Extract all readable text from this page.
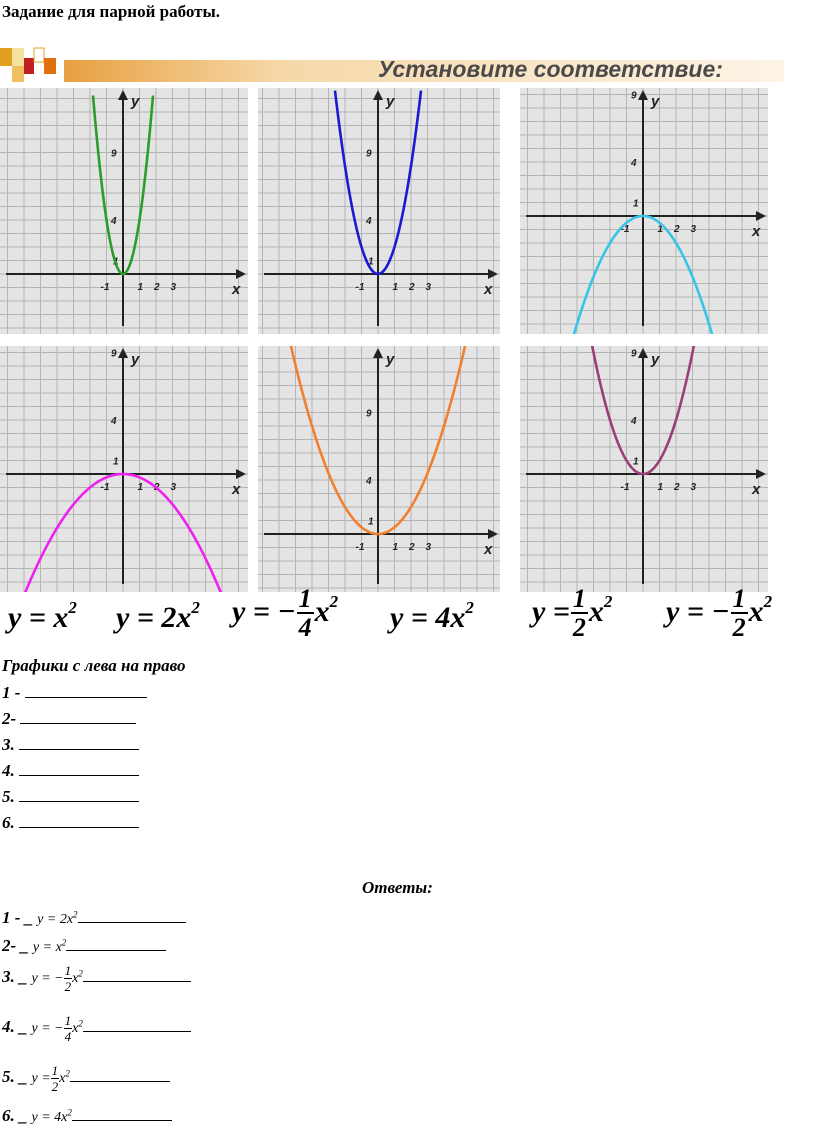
Задание для парной работы.
Установите соответствие:
x
y
-1
1
1 2 3
4
9
x
y
-1
1
1 2 3
4
9
x
y
-1
1
1 2 3
4
9
x
y
-1
1
1 2 3
4
9
x
y
-1
1
1 2 3
4
9
x
y
-1
1
1 2 3
4
9
$y = x^2$ $y = 2x^2$ y = − $\frac{1}{4} x^2$ $y = 4x^2$ $y = \frac{1}{2} x^2$ y = − $\frac{1}{2} x^2$
Графики с лева на право
1 -
2-
3.
4.
5.
6.
Ответы:
1 - _ $y = 2x^2$
2- _ $y = x^2$
3. _ y = − $\frac{1}{2} x^2$
4. _ y = − $\frac{1}{4} x^2$
5. _ $y = \frac{1}{2} x^2$
6. _ $y = 4x^2$
